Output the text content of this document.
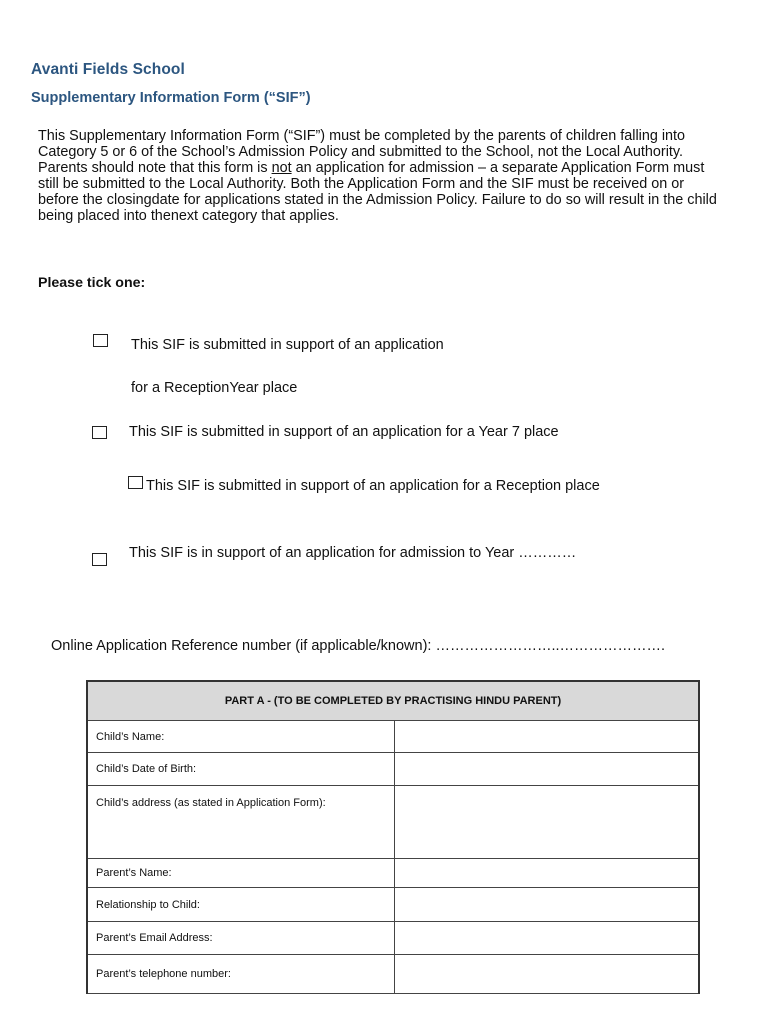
Avanti Fields School
Supplementary Information Form (“SIF”)
This Supplementary Information Form (“SIF”) must be completed by the parents of children falling into Category 5 or 6 of the School’s Admission Policy and submitted to the School, not the Local Authority. Parents should note that this form is not an application for admission – a separate Application Form must still be submitted to the Local Authority. Both the Application Form and the SIF must be received on or before the closingdate for applications stated in the Admission Policy. Failure to do so will result in the child being placed into thenext category that applies.
Please tick one:
This SIF is submitted in support of an application
for a ReceptionYear place
This SIF is submitted in support of an application for a Year 7 place
This SIF is submitted in support of an application for a Reception place
This SIF is in support of an application for admission to Year …………
Online Application Reference number (if applicable/known): ……………………..………………….
PART A - (TO BE COMPLETED BY PRACTISING HINDU PARENT)	
Child’s Name:	
Child’s Date of Birth:	
Child’s address (as stated in Application Form):	
Parent’s Name:	
Relationship to Child:	
Parent’s Email Address:	
Parent’s telephone number:	
